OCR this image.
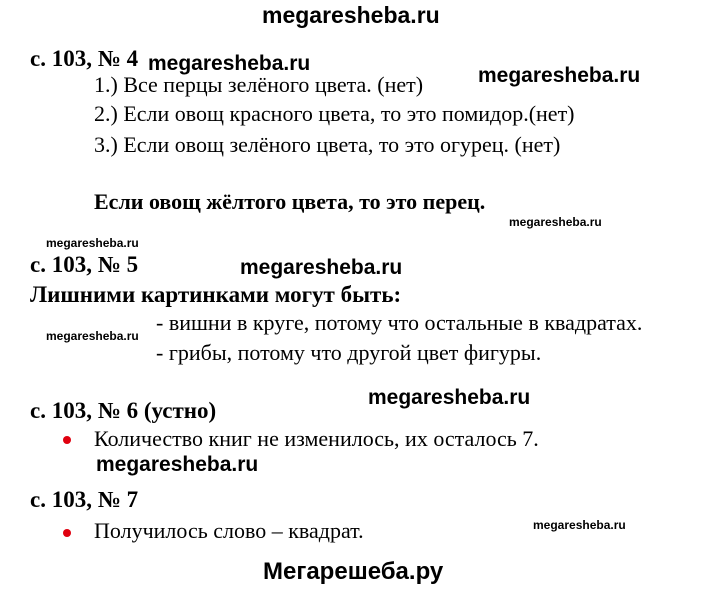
megaresheba.ru
с. 103, № 4 megaresheba.ru
megaresheba.ru
1.) Все перцы зелёного цвета. (нет)
2.) Если овощ красного цвета, то это помидор.(нет)
3.) Если овощ зелёного цвета, то это огурец. (нет)
Если овощ жёлтого цвета, то это перец.
megaresheba.ru
megaresheba.ru
с. 103, № 5	megaresheba.ru
Лишними картинками могут быть:
- вишни в круге, потому что остальные в квадратах.
megaresheba.ru
- грибы, потому что другой цвет фигуры.
megaresheba.ru
с. 103, № 6 (устно)
Количество книг не изменилось, их осталось 7.
megaresheba.ru
с. 103, № 7
megaresheba.ru
Получилось слово – квадрат.
Мегарешеба.ру
